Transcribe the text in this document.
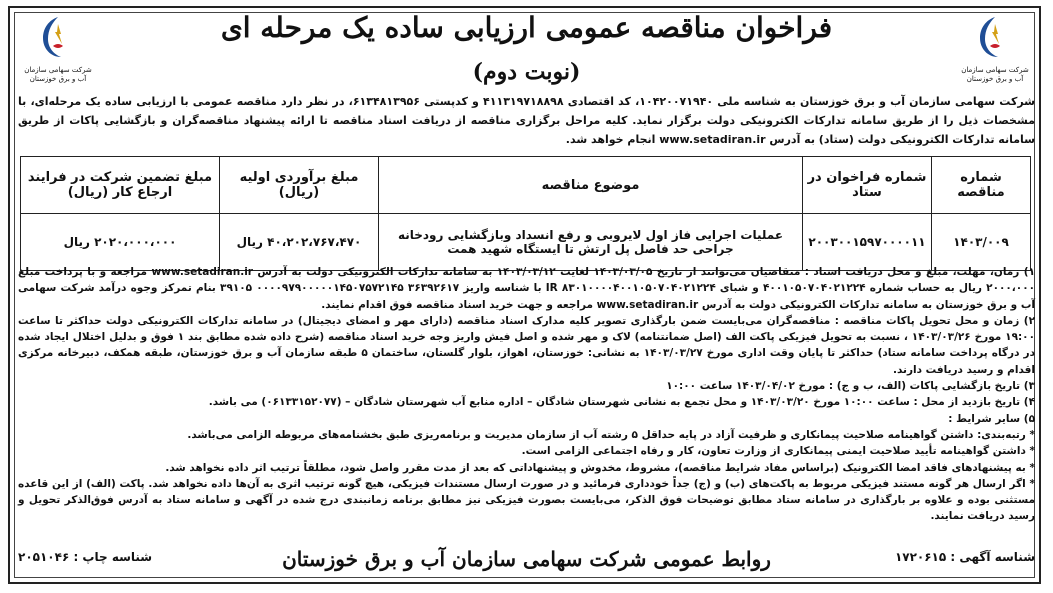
شرکت سهامی سازمان آب و برق خوزستان
شرکت سهامی سازمان آب و برق خوزستان
فراخوان مناقصه عمومی ارزیابی ساده یک مرحله ای
(نوبت دوم)
شرکت سهامی سازمان آب و برق خوزستان به شناسه ملی ۱۰۴۲۰۰۷۱۹۴۰، کد اقتصادی ۴۱۱۳۱۹۷۱۸۸۹۸ و کدپستی ۶۱۳۴۸۱۳۹۵۶، در نظر دارد مناقصه عمومی با ارزیابی ساده یک مرحله‌ای، با مشخصات ذیل را از طریق سامانه تدارکات الکترونیکی دولت برگزار نماید. کلیه مراحل برگزاری مناقصه از دریافت اسناد مناقصه تا ارائه پیشنهاد مناقصه‌گران و بازگشایی پاکات از طریق سامانه تدارکات الکترونیکی دولت (ستاد) به آدرس www.setadiran.ir انجام خواهد شد.
شماره مناقصه	شماره فراخوان در ستاد	موضوع مناقصه	مبلغ برآوردی اولیه (ریال)	مبلغ تضمین شرکت در فرایند ارجاع کار (ریال)
۱۴۰۳/۰۰۹	۲۰۰۳۰۰۱۵۹۷۰۰۰۰۱۱	عملیات اجرایی فاز اول لایروبی و رفع انسداد وبازگشایی رودخانه جراحی حد فاصل پل ارتش تا ایستگاه شهید همت	۴۰،۲۰۲،۷۶۷،۴۷۰ ریال	۲۰۲۰،۰۰۰،۰۰۰ ریال

۱) زمان، مهلت، مبلغ و محل دریافت اسناد : متقاضیان می‌توانند از تاریخ ۱۴۰۳/۰۳/۰۵ لغایت ۱۴۰۳/۰۳/۱۲ به سامانه تدارکات الکترونیکی دولت به آدرس www.setadiran.ir مراجعه و با پرداخت مبلغ ۲۰۰۰،۰۰۰ ریال به حساب شماره ۴۰۰۱۰۵۰۷۰۴۰۲۱۲۲۴ و شبای IR ۸۳۰۱۰۰۰۰۴۰۰۱۰۵۰۷۰۴۰۲۱۲۲۴ با شناسه واریز ۳۶۳۹۲۶۱۷ ۰۰۰۰۹۷۹۰۰۰۰۰۱۴۵۰۷۵۷۲۱۴۵ ۳۹۱۰۵ بنام تمرکز وجوه درآمد شرکت سهامی آب و برق خوزستان به سامانه تدارکات الکترونیکی دولت به آدرس www.setadiran.ir مراجعه و جهت خرید اسناد مناقصه فوق اقدام نمایند.

۲) زمان و محل تحویل پاکات مناقصه : مناقصه‌گران می‌بایست ضمن بارگذاری تصویر کلیه مدارک اسناد مناقصه (دارای مهر و امضای دیجیتال) در سامانه تدارکات الکترونیکی دولت حداکثر تا ساعت ۱۹:۰۰ مورخ ۱۴۰۳/۰۳/۲۶ ، نسبت به تحویل فیزیکی پاکت الف (اصل ضمانتنامه) لاک و مهر شده و اصل فیش واریز وجه خرید اسناد مناقصه (شرح داده شده مطابق بند ۱ فوق و بدلیل اختلال ایجاد شده در درگاه پرداخت سامانه ستاد) حداکثر تا پایان وقت اداری مورخ ۱۴۰۳/۰۳/۲۷ به نشانی: خوزستان، اهواز، بلوار گلستان، ساختمان ۵ طبقه سازمان آب و برق خوزستان، طبقه همکف، دبیرخانه مرکزی اقدام و رسید دریافت دارند.

۳) تاریخ بازگشایی پاکات (الف، ب و ج) : مورخ ۱۴۰۳/۰۴/۰۲ ساعت ۱۰:۰۰

۴) تاریخ بازدید از محل : ساعت ۱۰:۰۰ مورخ ۱۴۰۳/۰۳/۲۰ و محل تجمع به نشانی شهرستان شادگان – اداره منابع آب شهرستان شادگان – (۰۶۱۳۳۱۵۲۰۷۷) می باشد.

۵) سایر شرایط :

* رتبه‌بندی: داشتن گواهینامه صلاحیت پیمانکاری و ظرفیت آزاد در پایه حداقل ۵ رشته آب از سازمان مدیریت و برنامه‌ریزی طبق بخشنامه‌های مربوطه الزامی می‌باشد.

* داشتن گواهینامه تأیید صلاحیت ایمنی پیمانکاری از وزارت تعاون، کار و رفاه اجتماعی الزامی است.

* به پیشنهادهای فاقد امضا الکترونیک (براساس مفاد شرایط مناقصه)، مشروط، مخدوش و پیشنهاداتی که بعد از مدت مقرر واصل شود، مطلقاً ترتیب اثر داده نخواهد شد.

* اگر ارسال هر گونه مستند فیزیکی مربوط به پاکت‌های (ب) و (ج) جداً خودداری فرمائید و در صورت ارسال مستندات فیزیکی، هیچ گونه ترتیب اثری به آن‌ها داده نخواهد شد. پاکت (الف) از این قاعده مستثنی بوده و علاوه بر بارگذاری در سامانه ستاد مطابق توضیحات فوق الذکر، می‌بایست بصورت فیزیکی نیز مطابق برنامه زمانبندی درج شده در آگهی و سامانه ستاد به آدرس فوق‌الذکر تحویل و رسید دریافت نمایند.

روابط عمومی شرکت سهامی سازمان آب و برق خوزستان	شناسه آگهی : ۱۷۲۰۶۱۵
شناسه چاپ : ۲۰۵۱۰۴۶
